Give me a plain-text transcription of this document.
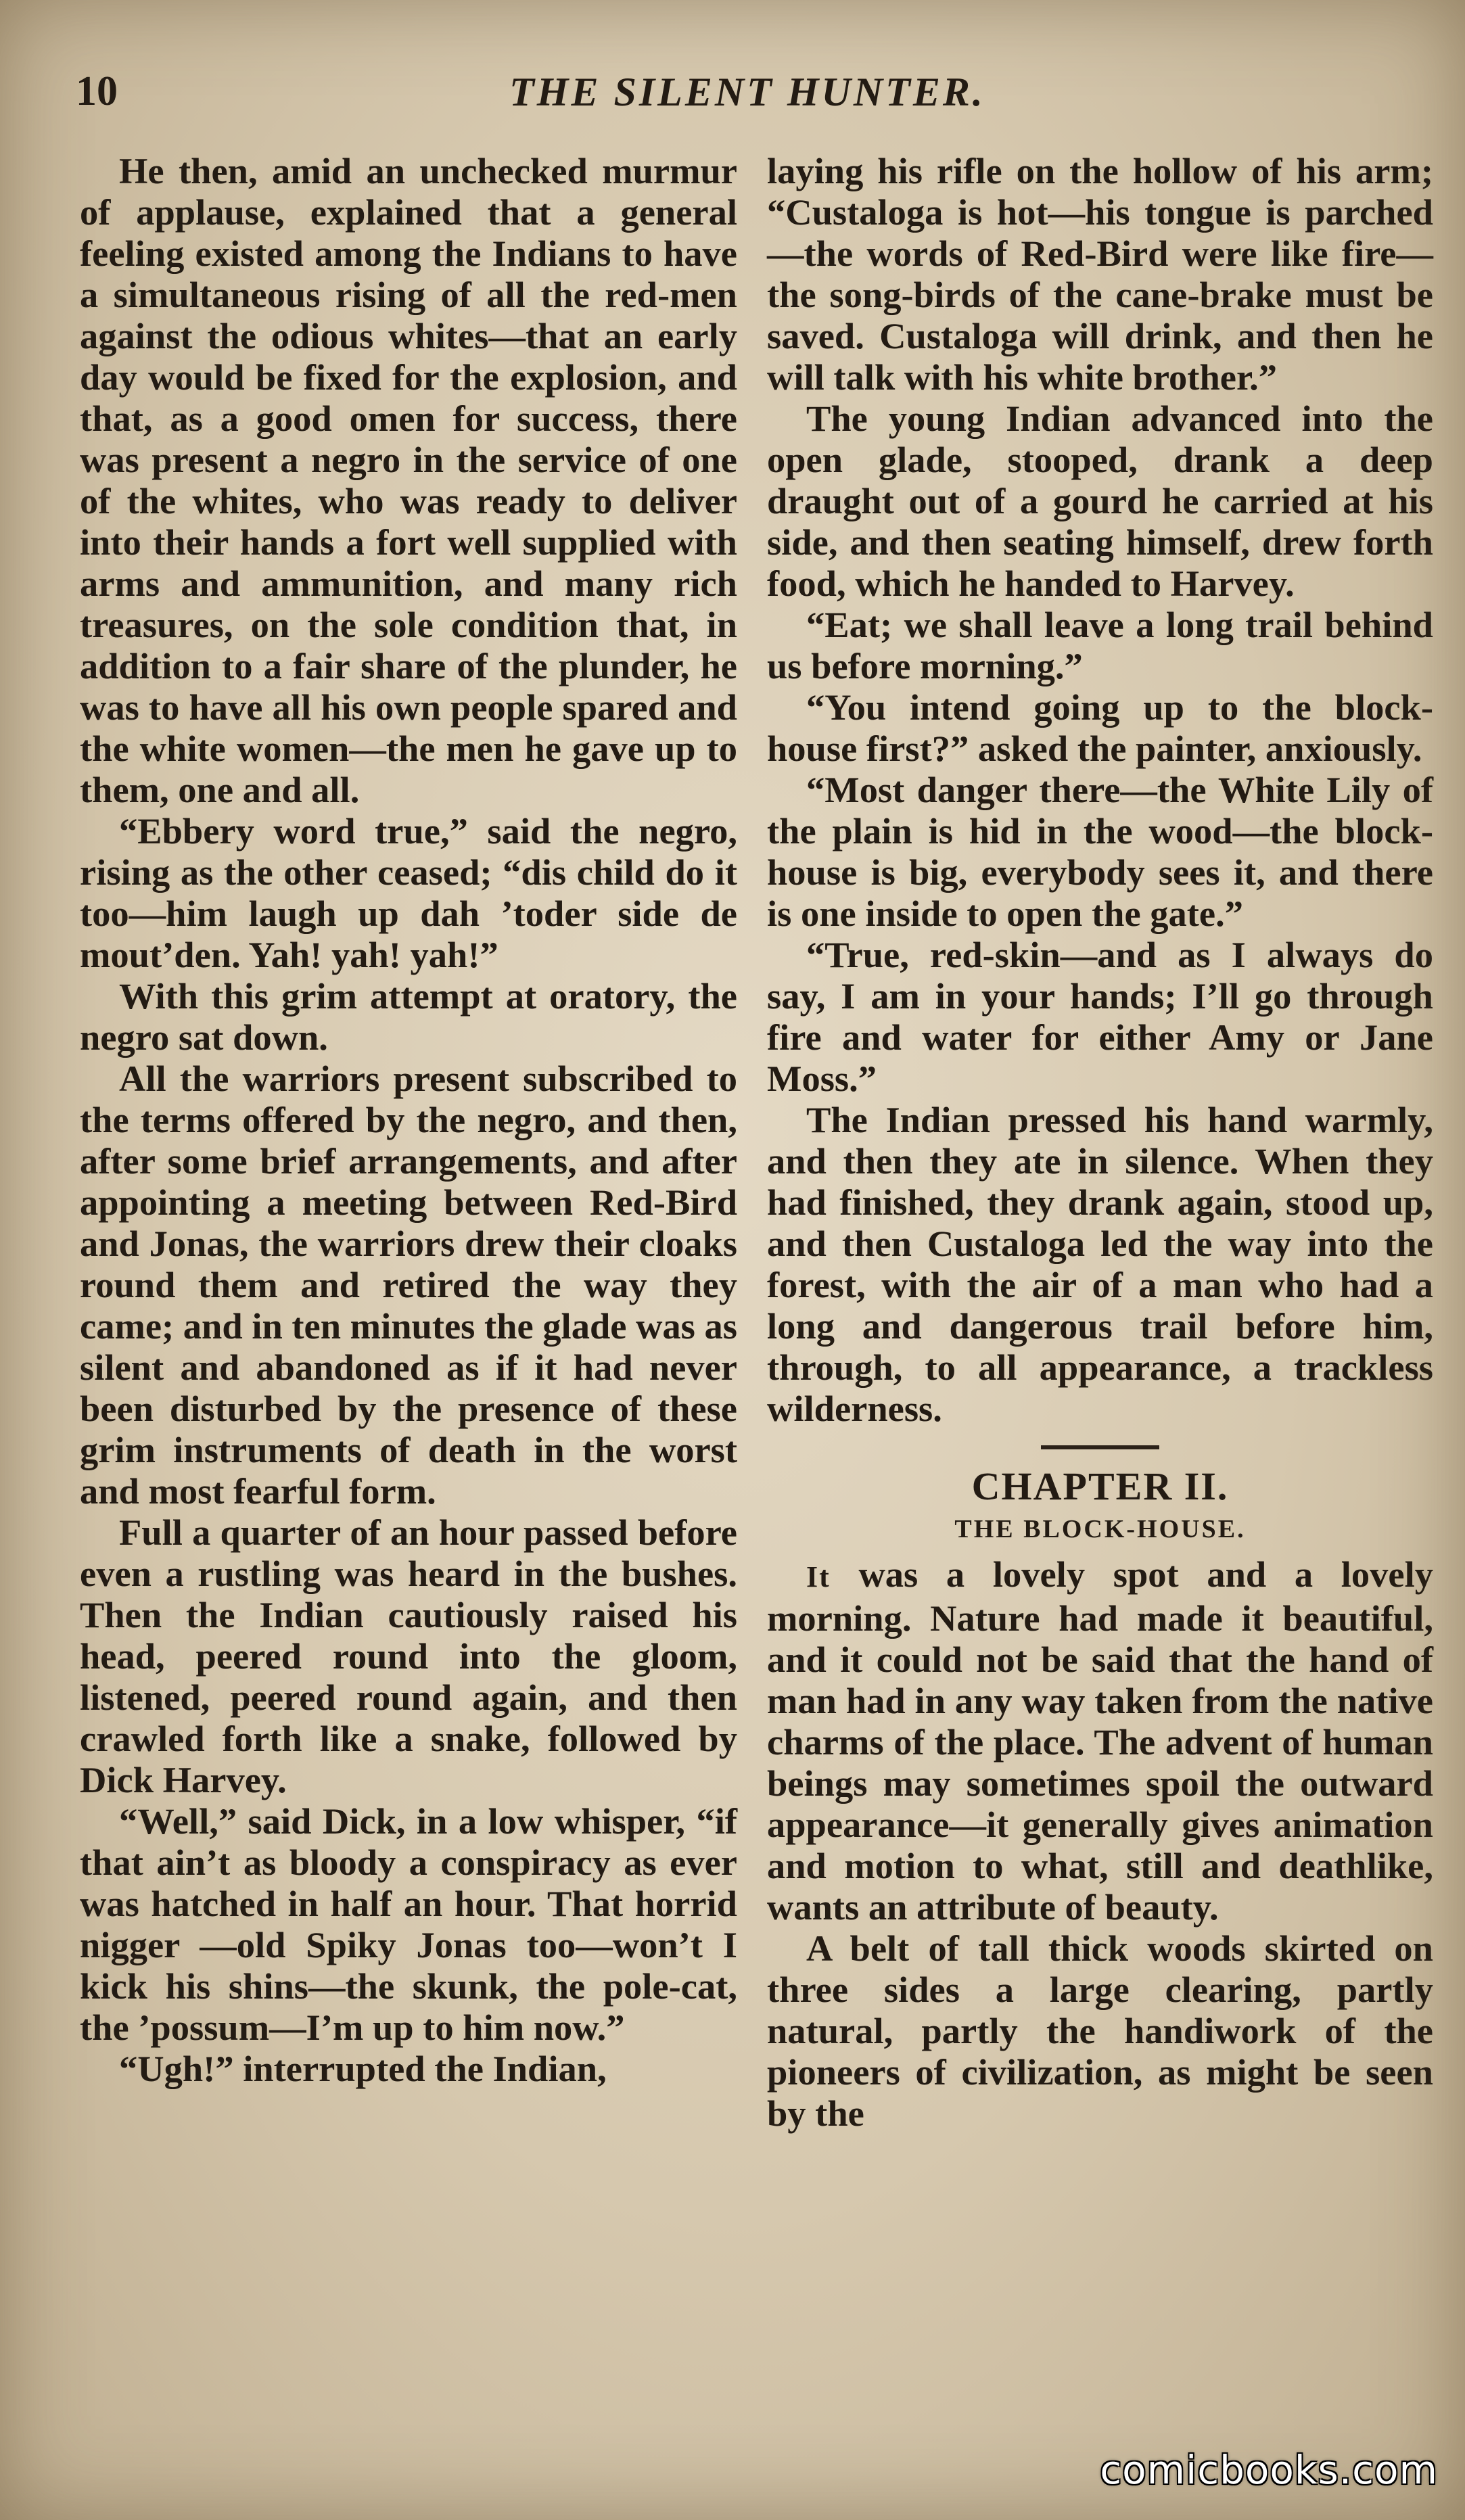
10	THE SILENT HUNTER.

He then, amid an unchecked murmur of applause, explained that a general feeling existed among the Indians to have a simultaneous rising of all the red-men against the odious whites—that an early day would be fixed for the explosion, and that, as a good omen for success, there was present a negro in the service of one of the whites, who was ready to deliver into their hands a fort well supplied with arms and ammunition, and many rich treasures, on the sole condition that, in addition to a fair share of the plunder, he was to have all his own people spared and the white women—the men he gave up to them, one and all.

“Ebbery word true,” said the negro, rising as the other ceased; “dis child do it too—him laugh up dah ’toder side de mout’den. Yah! yah! yah!”

With this grim attempt at oratory, the negro sat down.

All the warriors present subscribed to the terms offered by the negro, and then, after some brief arrangements, and after appointing a meeting between Red-Bird and Jonas, the warriors drew their cloaks round them and retired the way they came; and in ten minutes the glade was as silent and abandoned as if it had never been disturbed by the presence of these grim instruments of death in the worst and most fearful form.

Full a quarter of an hour passed before even a rustling was heard in the bushes. Then the Indian cautiously raised his head, peered round into the gloom, listened, peered round again, and then crawled forth like a snake, followed by Dick Harvey.

“Well,” said Dick, in a low whisper, “if that ain’t as bloody a conspiracy as ever was hatched in half an hour. That horrid nigger —old Spiky Jonas too—won’t I kick his shins—the skunk, the pole-cat, the ’possum—I’m up to him now.”

“Ugh!” interrupted the Indian,

laying his rifle on the hollow of his arm; “Custaloga is hot—his tongue is parched—the words of Red-Bird were like fire—the song-birds of the cane-brake must be saved. Custaloga will drink, and then he will talk with his white brother.”

The young Indian advanced into the open glade, stooped, drank a deep draught out of a gourd he carried at his side, and then seating himself, drew forth food, which he handed to Harvey.

“Eat; we shall leave a long trail behind us before morning.”

“You intend going up to the block-house first?” asked the painter, anxiously.

“Most danger there—the White Lily of the plain is hid in the wood—the block-house is big, everybody sees it, and there is one inside to open the gate.”

“True, red-skin—and as I always do say, I am in your hands; I’ll go through fire and water for either Amy or Jane Moss.”

The Indian pressed his hand warmly, and then they ate in silence. When they had finished, they drank again, stood up, and then Custaloga led the way into the forest, with the air of a man who had a long and dangerous trail before him, through, to all appearance, a trackless wilderness.

CHAPTER II.
THE BLOCK-HOUSE.

It was a lovely spot and a lovely morning. Nature had made it beautiful, and it could not be said that the hand of man had in any way taken from the native charms of the place. The advent of human beings may sometimes spoil the outward appearance—it generally gives animation and motion to what, still and deathlike, wants an attribute of beauty.

A belt of tall thick woods skirted on three sides a large clearing, partly natural, partly the handiwork of the pioneers of civilization, as might be seen by the

comicbooks.com
